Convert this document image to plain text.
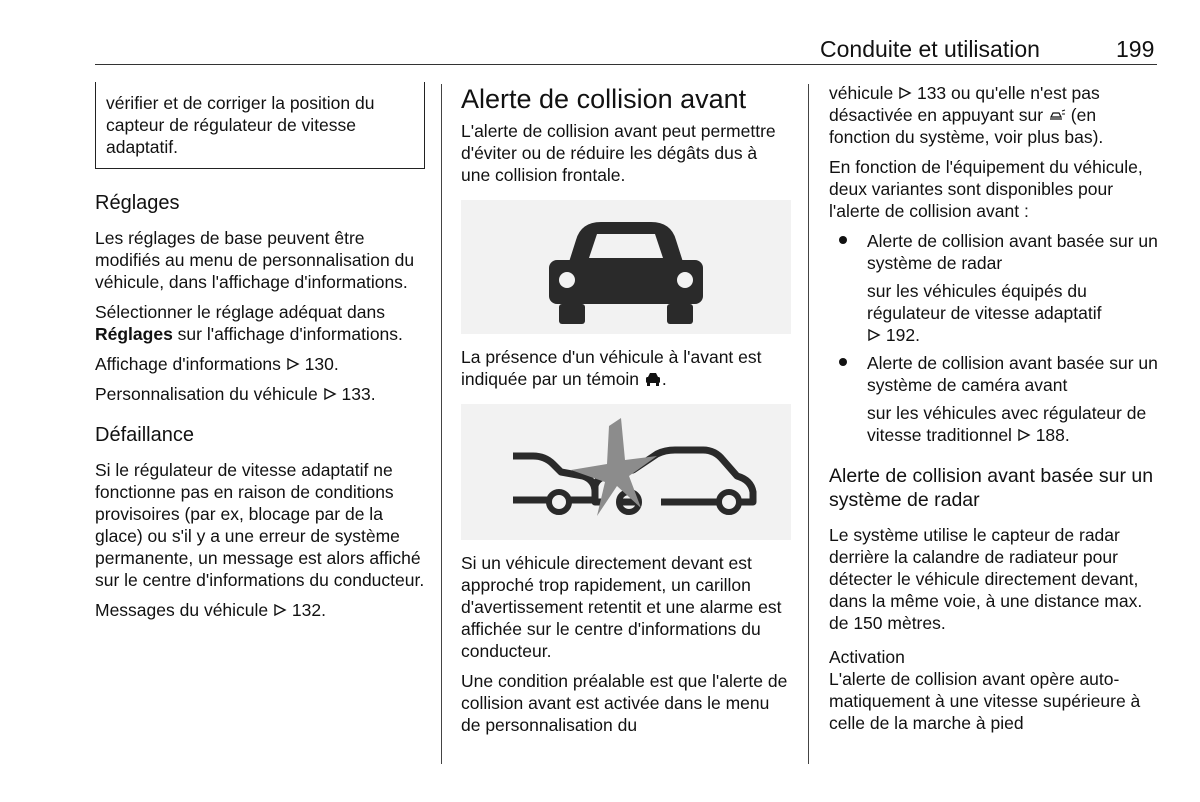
Conduite et utilisation	199
vérifier et de corriger la position du capteur de régulateur de vitesse adaptatif.
Réglages

Les réglages de base peuvent être modifiés au menu de personnalisation du véhicule, dans l'affichage d'informations.

Sélectionner le réglage adéquat dans Réglages sur l'affichage d'informations.

Affichage d'informations 130.

Personnalisation du véhicule 133.

Défaillance

Si le régulateur de vitesse adaptatif ne fonctionne pas en raison de conditions provisoires (par ex, blocage par de la glace) ou s'il y a une erreur de système permanente, un message est alors affiché sur le centre d'informations du conducteur.

Messages du véhicule 132.

Alerte de collision avant

L'alerte de collision avant peut permettre d'éviter ou de réduire les dégâts dus à une collision frontale.

La présence d'un véhicule à l'avant est indiquée par un témoin .

Si un véhicule directement devant est approché trop rapidement, un carillon d'avertissement retentit et une alarme est affichée sur le centre d'informations du conducteur.

Une condition préalable est que l'alerte de collision avant est activée dans le menu de personnalisation du

véhicule 133 ou qu'elle n'est pas désactivée en appuyant sur (en fonction du système, voir plus bas).

En fonction de l'équipement du véhicule, deux variantes sont disponibles pour l'alerte de collision avant :

Alerte de collision avant basée sur un système de radar
sur les véhicules équipés du régulateur de vitesse adaptatif
192.
Alerte de collision avant basée sur un système de caméra avant
sur les véhicules avec régulateur de vitesse traditionnel 188.
Alerte de collision avant basée sur un système de radar

Le système utilise le capteur de radar derrière la calandre de radiateur pour détecter le véhicule directement devant, dans la même voie, à une distance max. de 150 mètres.

Activation

L'alerte de collision avant opère automatiquement à une vitesse supérieure à celle de la marche à pied
